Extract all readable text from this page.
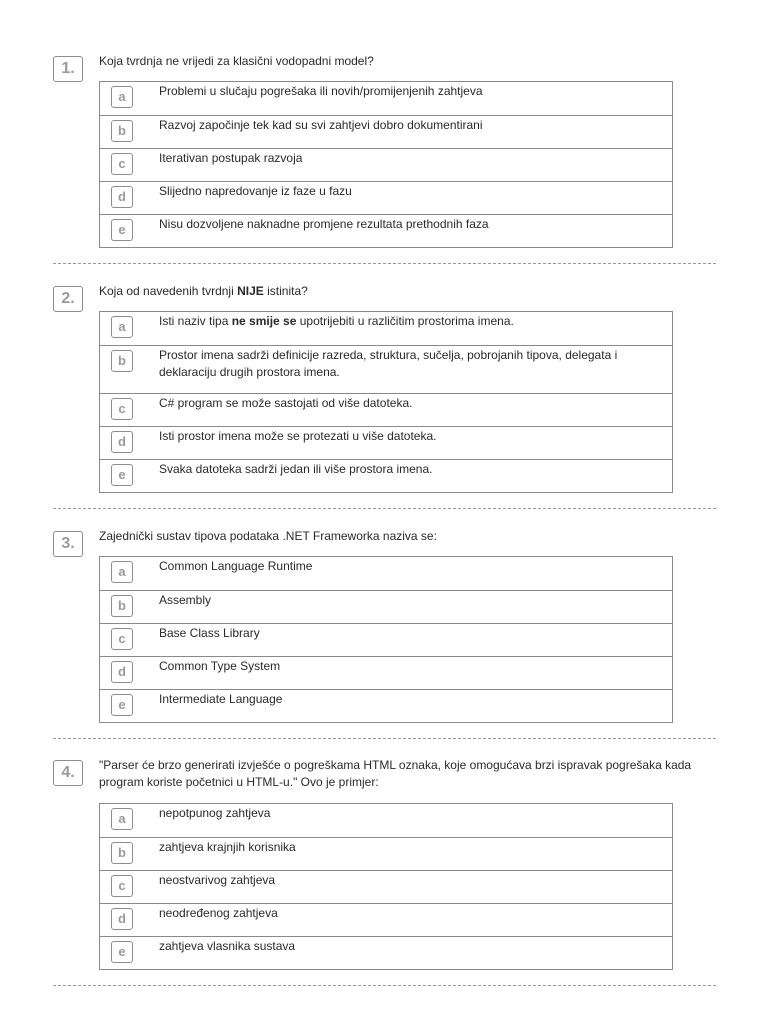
1.	Koja tvrdnja ne vrijedi za klasični vodopadni model?
a	Problemi u slučaju pogrešaka ili novih/promijenjenih zahtjeva
b	Razvoj započinje tek kad su svi zahtjevi dobro dokumentirani
c	Iterativan postupak razvoja
d	Slijedno napredovanje iz faze u fazu
e	Nisu dozvoljene naknadne promjene rezultata prethodnih faza
2.	Koja od navedenih tvrdnji NIJE istinita?
a	Isti naziv tipa ne smije se upotrijebiti u različitim prostorima imena.
b	Prostor imena sadrži definicije razreda, struktura, sučelja, pobrojanih tipova, delegata i deklaraciju drugih prostora imena.
c	C# program se može sastojati od više datoteka.
d	Isti prostor imena može se protezati u više datoteka.
e	Svaka datoteka sadrži jedan ili više prostora imena.
3.	Zajednički sustav tipova podataka .NET Frameworka naziva se:
a	Common Language Runtime
b	Assembly
c	Base Class Library
d	Common Type System
e	Intermediate Language
4.	"Parser će brzo generirati izvješće o pogreškama HTML oznaka, koje omogućava brzi ispravak pogrešaka kada program koriste početnici u HTML-u." Ovo je primjer:
a	nepotpunog zahtjeva
b	zahtjeva krajnjih korisnika
c	neostvarivog zahtjeva
d	neodređenog zahtjeva
e	zahtjeva vlasnika sustava
